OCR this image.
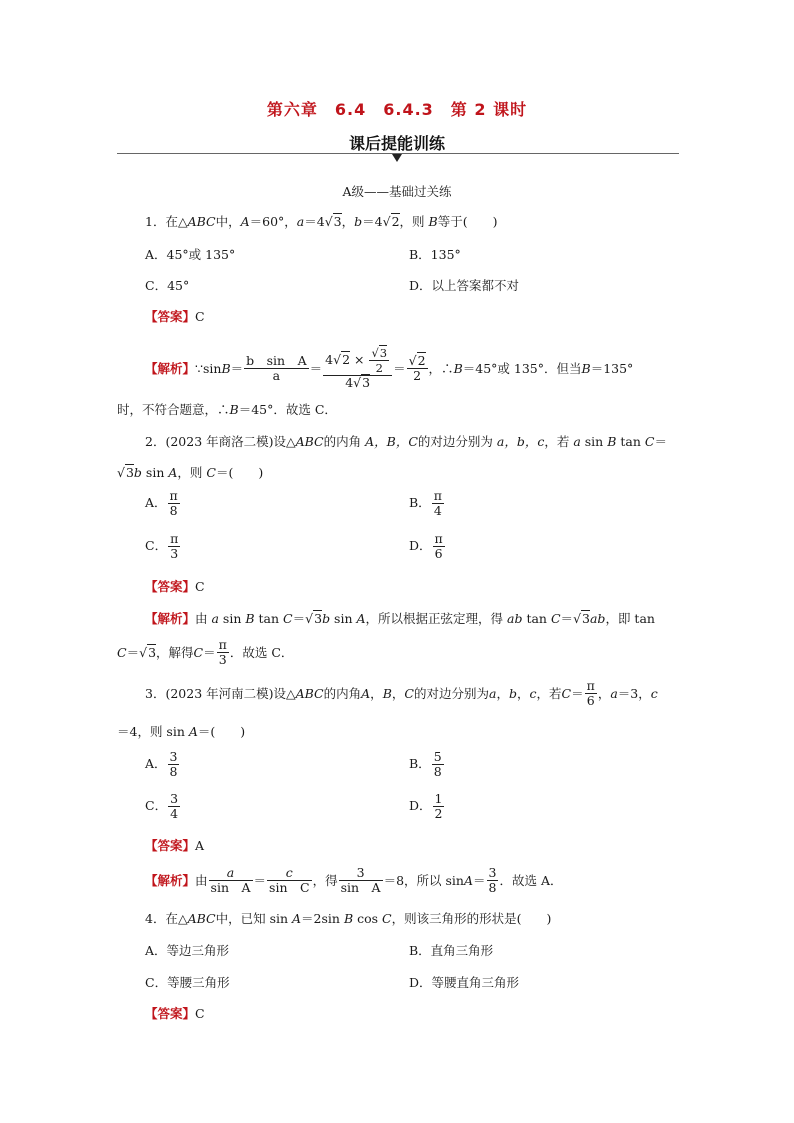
第六章　6.4　6.4.3　第 2 课时
课后提能训练
A级——基础过关练
1．在△ABC中，A＝60°，a＝4√3，b＝4√2，则 B等于(　　)
A．45°或 135°	B．135°
C．45°	D．以上答案都不对
【答案】C
【解析】 ∵sin $B = \frac{\text{b　sin　A}}{a} = \frac{4√2 \times \frac{√3}{2}}{4√3} = \frac{√2}{2}$ ，∴ B ＝45°或 135°．但当 B ＝135°
时，不符合题意，∴B＝45°．故选 C．
2．(2023 年商洛二模)设△ABC的内角 A，B，C的对边分别为 a，b，c，若 a sin B tan C＝
√3b sin A，则 C＝(　　)
A． $\frac{\pi}{8}$	B． $\frac{\pi}{4}$
C． $\frac{\pi}{3}$	D． $\frac{\pi}{6}$
【答案】C
【解析】由 a sin B tan C＝√3b sin A，所以根据正弦定理，得 ab tan C＝√3ab，即 tan
C ＝ √3 ，解得 $C = \frac{\pi}{3}$ ．故选 C．
3．(2023 年河南二模)设△ ABC 的内角 A ， B ， C 的对边分别为 a ， b ， c ，若 $C = \frac{\pi}{6}$ ， a ＝3， c
＝4，则 sin A＝(　　)
A． $\frac{3}{8}$	B． $\frac{5}{8}$
C． $\frac{3}{4}$	D． $\frac{1}{2}$
【答案】A
【解析】 由 $\frac{a}{\text{sin　A}} = \frac{c}{\text{sin　C}}$ ，得 $\frac{3}{\text{sin　A}} =8$，所以 $\sin A = \frac{3}{8}$ ．故选 A．
4．在△ABC中，已知 sin A＝2sin B cos C，则该三角形的形状是(　　)
A．等边三角形	B．直角三角形
C．等腰三角形	D．等腰直角三角形
【答案】C
